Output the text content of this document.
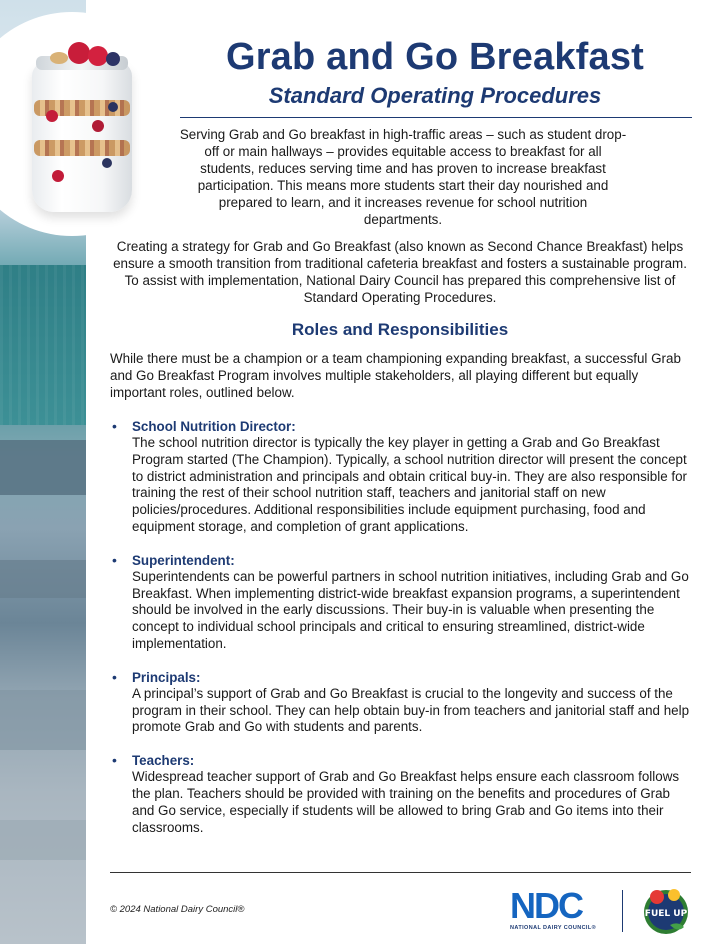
Grab and Go Breakfast
Standard Operating Procedures

Serving Grab and Go breakfast in high-traffic areas – such as student drop-off or main hallways – provides equitable access to breakfast for all students, reduces serving time and has proven to increase breakfast participation. This means more students start their day nourished and prepared to learn, and it increases revenue for school nutrition departments.

Creating a strategy for Grab and Go Breakfast (also known as Second Chance Breakfast) helps ensure a smooth transition from traditional cafeteria breakfast and fosters a sustainable program. To assist with implementation, National Dairy Council has prepared this comprehensive list of Standard Operating Procedures.

Roles and Responsibilities

While there must be a champion or a team championing expanding breakfast, a successful Grab and Go Breakfast Program involves multiple stakeholders, all playing different but equally important roles, outlined below.

• School Nutrition Director:
The school nutrition director is typically the key player in getting a Grab and Go Breakfast Program started (The Champion). Typically, a school nutrition director will present the concept to district administration and principals and obtain critical buy-in. They are also responsible for training the rest of their school nutrition staff, teachers and janitorial staff on new policies/procedures. Additional responsibilities include equipment purchasing, food and equipment storage, and completion of grant applications.
• Superintendent:
Superintendents can be powerful partners in school nutrition initiatives, including Grab and Go Breakfast. When implementing district-wide breakfast expansion programs, a superintendent should be involved in the early discussions. Their buy-in is valuable when presenting the concept to individual school principals and critical to ensuring streamlined, district-wide implementation.
• Principals:
A principal’s support of Grab and Go Breakfast is crucial to the longevity and success of the program in their school. They can help obtain buy-in from teachers and janitorial staff and help promote Grab and Go with students and parents.
• Teachers:
Widespread teacher support of Grab and Go Breakfast helps ensure each classroom follows the plan. Teachers should be provided with training on the benefits and procedures of Grab and Go service, especially if students will be allowed to bring Grab and Go items into their classrooms.
© 2024 National Dairy Council®	NDC
NATIONAL DAIRY COUNCIL®
FUEL UP
